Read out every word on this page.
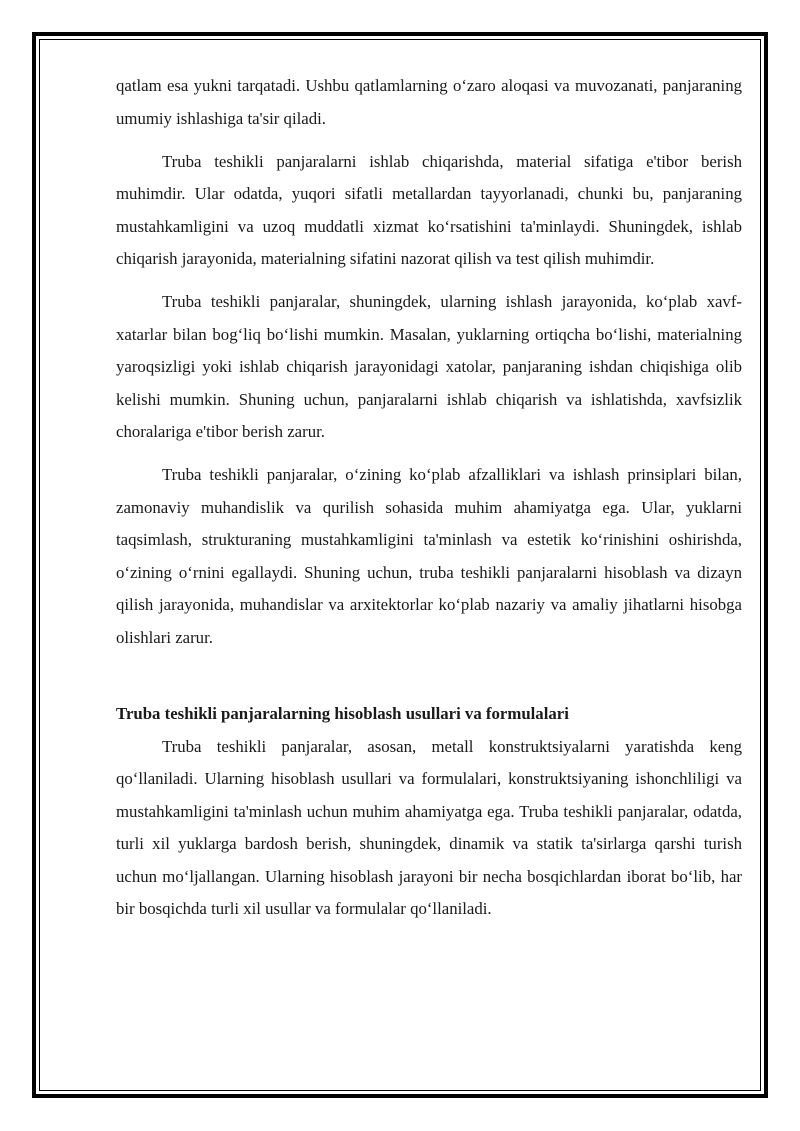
qatlam esa yukni tarqatadi. Ushbu qatlamlarning o‘zaro aloqasi va muvozanati, panjaraning umumiy ishlashiga ta'sir qiladi.

Truba teshikli panjaralarni ishlab chiqarishda, material sifatiga e'tibor berish muhimdir. Ular odatda, yuqori sifatli metallardan tayyorlanadi, chunki bu, panjaraning mustahkamligini va uzoq muddatli xizmat ko‘rsatishini ta'minlaydi. Shuningdek, ishlab chiqarish jarayonida, materialning sifatini nazorat qilish va test qilish muhimdir.

Truba teshikli panjaralar, shuningdek, ularning ishlash jarayonida, ko‘plab xavf-xatarlar bilan bog‘liq bo‘lishi mumkin. Masalan, yuklarning ortiqcha bo‘lishi, materialning yaroqsizligi yoki ishlab chiqarish jarayonidagi xatolar, panjaraning ishdan chiqishiga olib kelishi mumkin. Shuning uchun, panjaralarni ishlab chiqarish va ishlatishda, xavfsizlik choralariga e'tibor berish zarur.

Truba teshikli panjaralar, o‘zining ko‘plab afzalliklari va ishlash prinsiplari bilan, zamonaviy muhandislik va qurilish sohasida muhim ahamiyatga ega. Ular, yuklarni taqsimlash, strukturaning mustahkamligini ta'minlash va estetik ko‘rinishini oshirishda, o‘zining o‘rnini egallaydi. Shuning uchun, truba teshikli panjaralarni hisoblash va dizayn qilish jarayonida, muhandislar va arxitektorlar ko‘plab nazariy va amaliy jihatlarni hisobga olishlari zarur.

Truba teshikli panjaralarning hisoblash usullari va formulalari

Truba teshikli panjaralar, asosan, metall konstruktsiyalarni yaratishda keng qo‘llaniladi. Ularning hisoblash usullari va formulalari, konstruktsiyaning ishonchliligi va mustahkamligini ta'minlash uchun muhim ahamiyatga ega. Truba teshikli panjaralar, odatda, turli xil yuklarga bardosh berish, shuningdek, dinamik va statik ta'sirlarga qarshi turish uchun mo‘ljallangan. Ularning hisoblash jarayoni bir necha bosqichlardan iborat bo‘lib, har bir bosqichda turli xil usullar va formulalar qo‘llaniladi.
